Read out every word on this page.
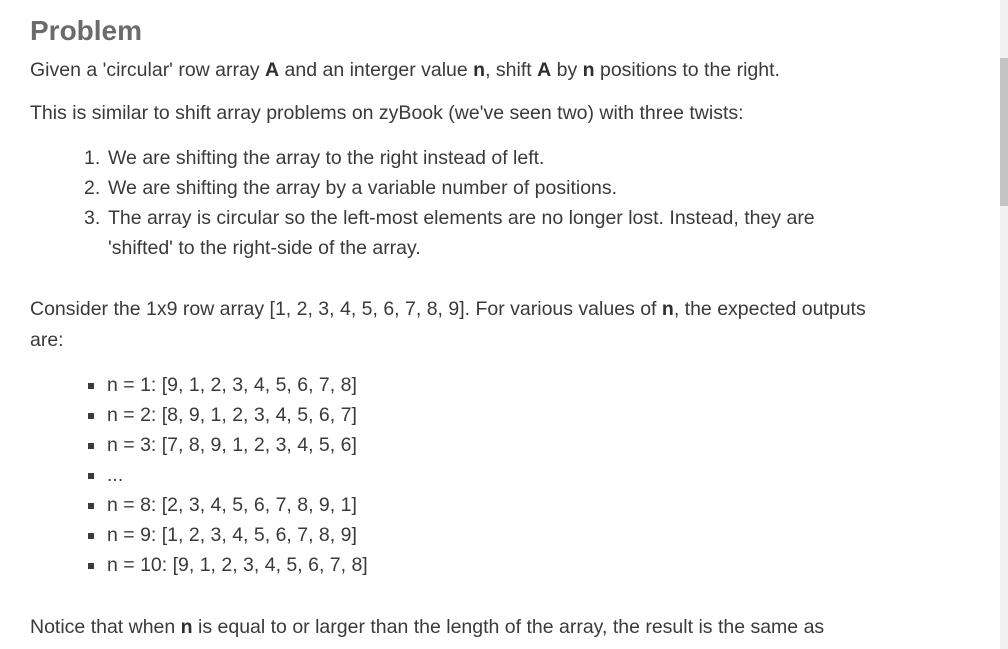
Problem

Given a 'circular' row array A and an interger value n, shift A by n positions to the right.

This is similar to shift array problems on zyBook (we've seen two) with three twists:

1. We are shifting the array to the right instead of left.
2. We are shifting the array by a variable number of positions.
3. The array is circular so the left-most elements are no longer lost. Instead, they are 'shifted' to the right-side of the array.

Consider the 1x9 row array [1, 2, 3, 4, 5, 6, 7, 8, 9]. For various values of n, the expected outputs are:

n = 1: [9, 1, 2, 3, 4, 5, 6, 7, 8]
n = 2: [8, 9, 1, 2, 3, 4, 5, 6, 7]
n = 3: [7, 8, 9, 1, 2, 3, 4, 5, 6]
...
n = 8: [2, 3, 4, 5, 6, 7, 8, 9, 1]
n = 9: [1, 2, 3, 4, 5, 6, 7, 8, 9]
n = 10: [9, 1, 2, 3, 4, 5, 6, 7, 8]

Notice that when n is equal to or larger than the length of the array, the result is the same as
